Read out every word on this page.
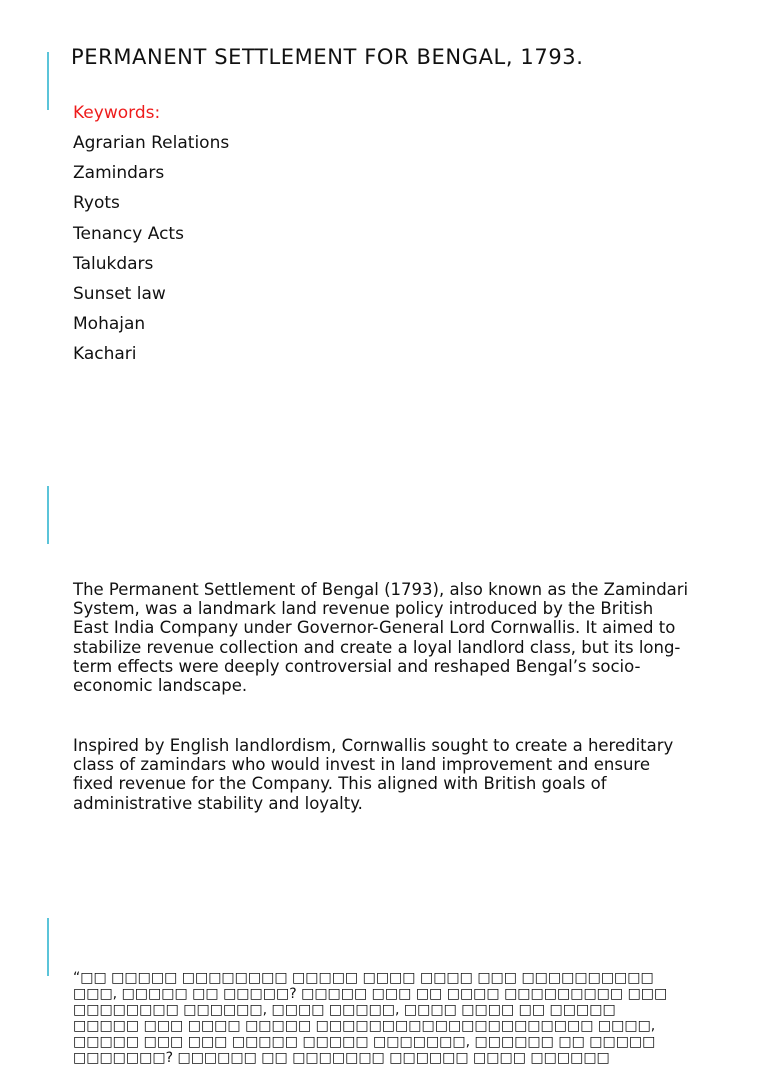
PERMANENT SETTLEMENT FOR BENGAL, 1793.
Keywords:
Agrarian Relations
Zamindars
Ryots
Tenancy Acts
Talukdars
Sunset law
Mohajan
Kachari

The Permanent Settlement of Bengal (1793), also known as the Zamindari System, was a landmark land revenue policy introduced by the British East India Company under Governor-General Lord Cornwallis. It aimed to stabilize revenue collection and create a loyal landlord class, but its long-term effects were deeply controversial and reshaped Bengal’s socio-economic landscape.

Inspired by English landlordism, Cornwallis sought to create a hereditary class of zamindars who would invest in land improvement and ensure fixed revenue for the Company. This aligned with British goals of administrative stability and loyalty.

“□□ □□□□□ □□□□□□□□ □□□□□ □□□□ □□□□ □□□ □□□□□□□□□□ □□□, □□□□□ □□ □□□□□? □□□□□ □□□ □□ □□□□ □□□□□□□□□ □□□ □□□□□□□□ □□□□□□, □□□□ □□□□□, □□□□ □□□□ □□ □□□□□ □□□□□ □□□ □□□□ □□□□□ □□□□□□□□□□□□□□□□□□□□□ □□□□, □□□□□ □□□ □□□ □□□□□ □□□□□ □□□□□□□, □□□□□□ □□ □□□□□ □□□□□□□? □□□□□□ □□ □□□□□□□ □□□□□□ □□□□ □□□□□□
